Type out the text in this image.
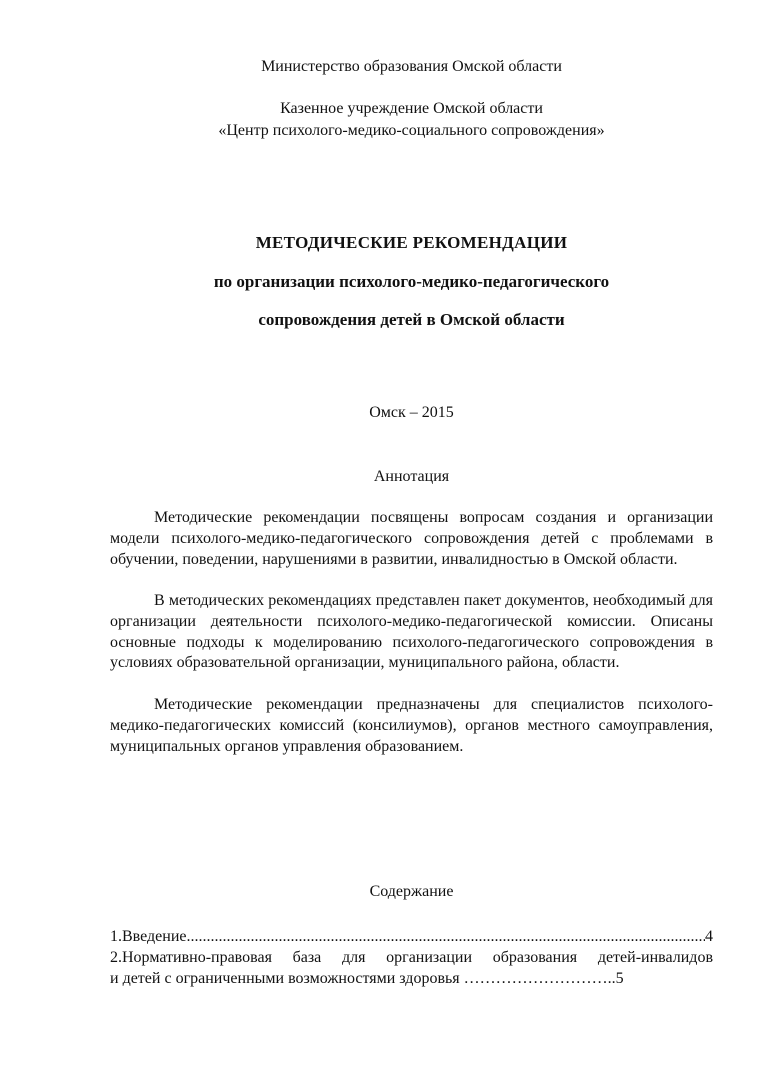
Министерство образования Омской области
Казенное учреждение Омской области
«Центр психолого-медико-социального сопровождения»
МЕТОДИЧЕСКИЕ РЕКОМЕНДАЦИИ
по организации психолого-медико-педагогического
сопровождения детей в Омской области
Омск – 2015
Аннотация
Методические рекомендации посвящены вопросам создания и организации модели психолого-медико-педагогического сопровождения детей с проблемами в обучении, поведении, нарушениями в развитии, инвалидностью в Омской области.
В методических рекомендациях представлен пакет документов, необходимый для организации деятельности психолого-медико-педагогической комиссии. Описаны основные подходы к моделированию психолого-педагогического сопровождения в условиях образовательной организации, муниципального района, области.
Методические рекомендации предназначены для специалистов психолого-медико-педагогических комиссий (консилиумов), органов местного самоуправления, муниципальных органов управления образованием.
Содержание
1.Введение.
.....	4
2.Нормативно-правовая база для организации образования детей-инвалидов
и детей с ограниченными возможностями здоровья ………………………..5
